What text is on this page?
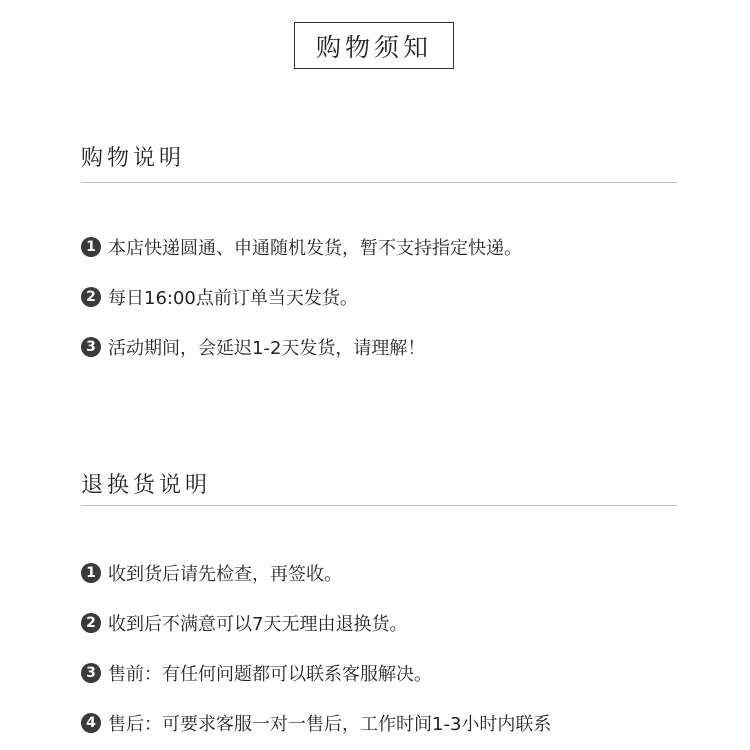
购物须知
购物说明
1 本店快递圆通、申通随机发货，暂不支持指定快递。
2 每日16:00点前订单当天发货。
3 活动期间，会延迟1-2天发货，请理解！
退换货说明
1 收到货后请先检查，再签收。
2 收到后不满意可以7天无理由退换货。
3 售前：有任何问题都可以联系客服解决。
4 售后：可要求客服一对一售后，工作时间1-3小时内联系
